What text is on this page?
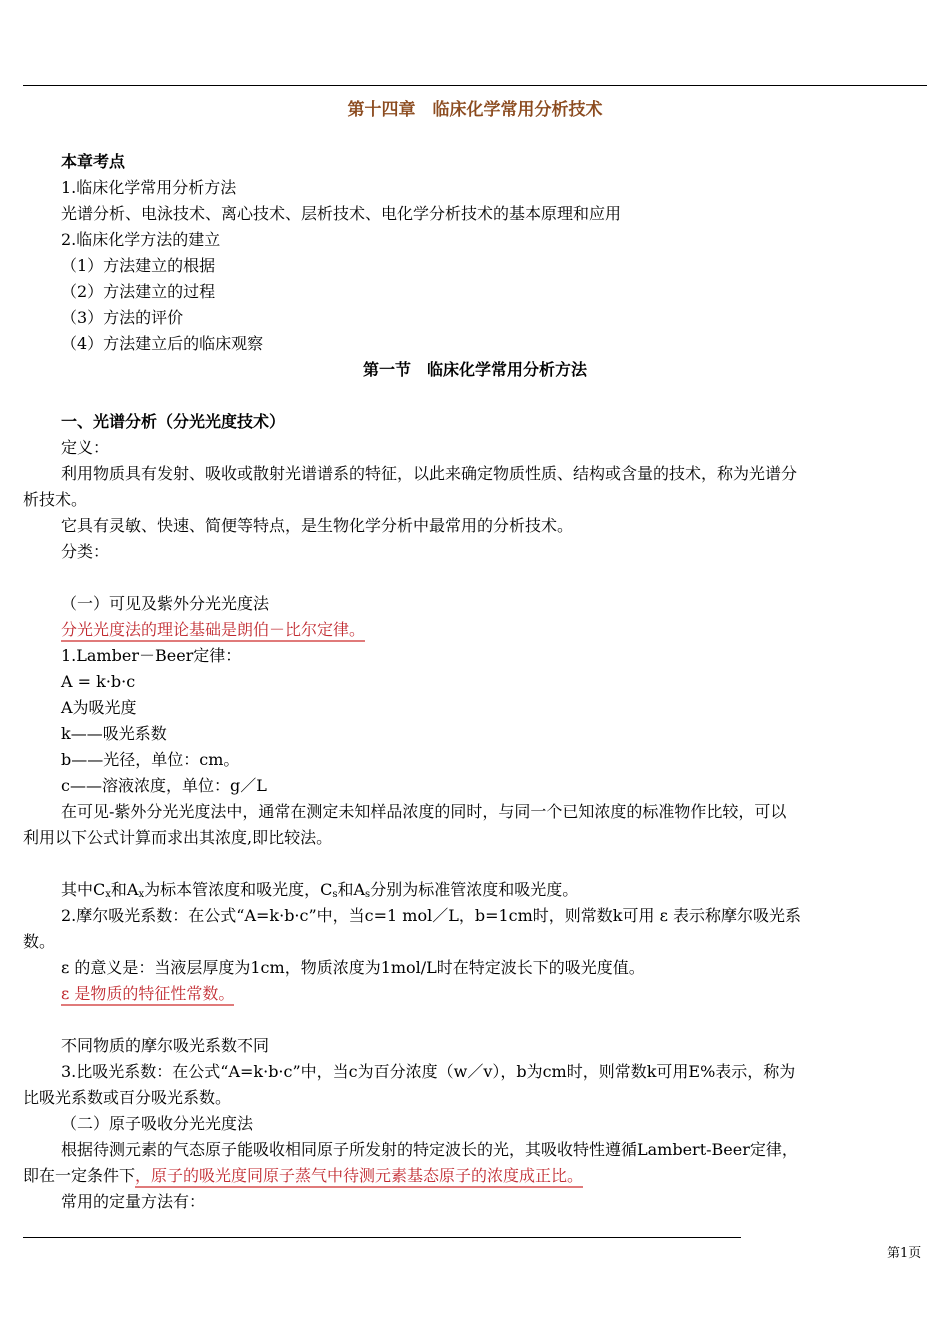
第十四章　临床化学常用分析技术
本章考点
1.临床化学常用分析方法
光谱分析、电泳技术、离心技术、层析技术、电化学分析技术的基本原理和应用
2.临床化学方法的建立
（1）方法建立的根据
（2）方法建立的过程
（3）方法的评价
（4）方法建立后的临床观察
第一节　临床化学常用分析方法
一、光谱分析（分光光度技术）
定义：
利用物质具有发射、吸收或散射光谱谱系的特征，以此来确定物质性质、结构或含量的技术，称为光谱分
析技术。
它具有灵敏、快速、简便等特点，是生物化学分析中最常用的分析技术。
分类：
（一）可见及紫外分光光度法
分光光度法的理论基础是朗伯－比尔定律。
1.Lamber－Beer定律：
A = k·b·c
A为吸光度
k——吸光系数
b——光径，单位：cm。
c——溶液浓度，单位：g／L
在可见-紫外分光光度法中，通常在测定未知样品浓度的同时，与同一个已知浓度的标准物作比较，可以
利用以下公式计算而求出其浓度,即比较法。
其中$C_x$和$A_x$为标本管浓度和吸光度，$C_s$和$A_s$分别为标准管浓度和吸光度。
2.摩尔吸光系数：在公式“A=k·b·c”中，当c=1 mol／L，b=1cm时，则常数k可用 ε 表示称摩尔吸光系
数。
ε 的意义是：当液层厚度为1cm，物质浓度为1mol/L时在特定波长下的吸光度值。
ε 是物质的特征性常数。
不同物质的摩尔吸光系数不同
3.比吸光系数：在公式“A=k·b·c”中，当c为百分浓度（w／v），b为cm时，则常数k可用E%表示，称为
比吸光系数或百分吸光系数。
（二）原子吸收分光光度法
根据待测元素的气态原子能吸收相同原子所发射的特定波长的光，其吸收特性遵循Lambert-Beer定律，
即在一定条件下，原子的吸光度同原子蒸气中待测元素基态原子的浓度成正比。
常用的定量方法有：
第1页
